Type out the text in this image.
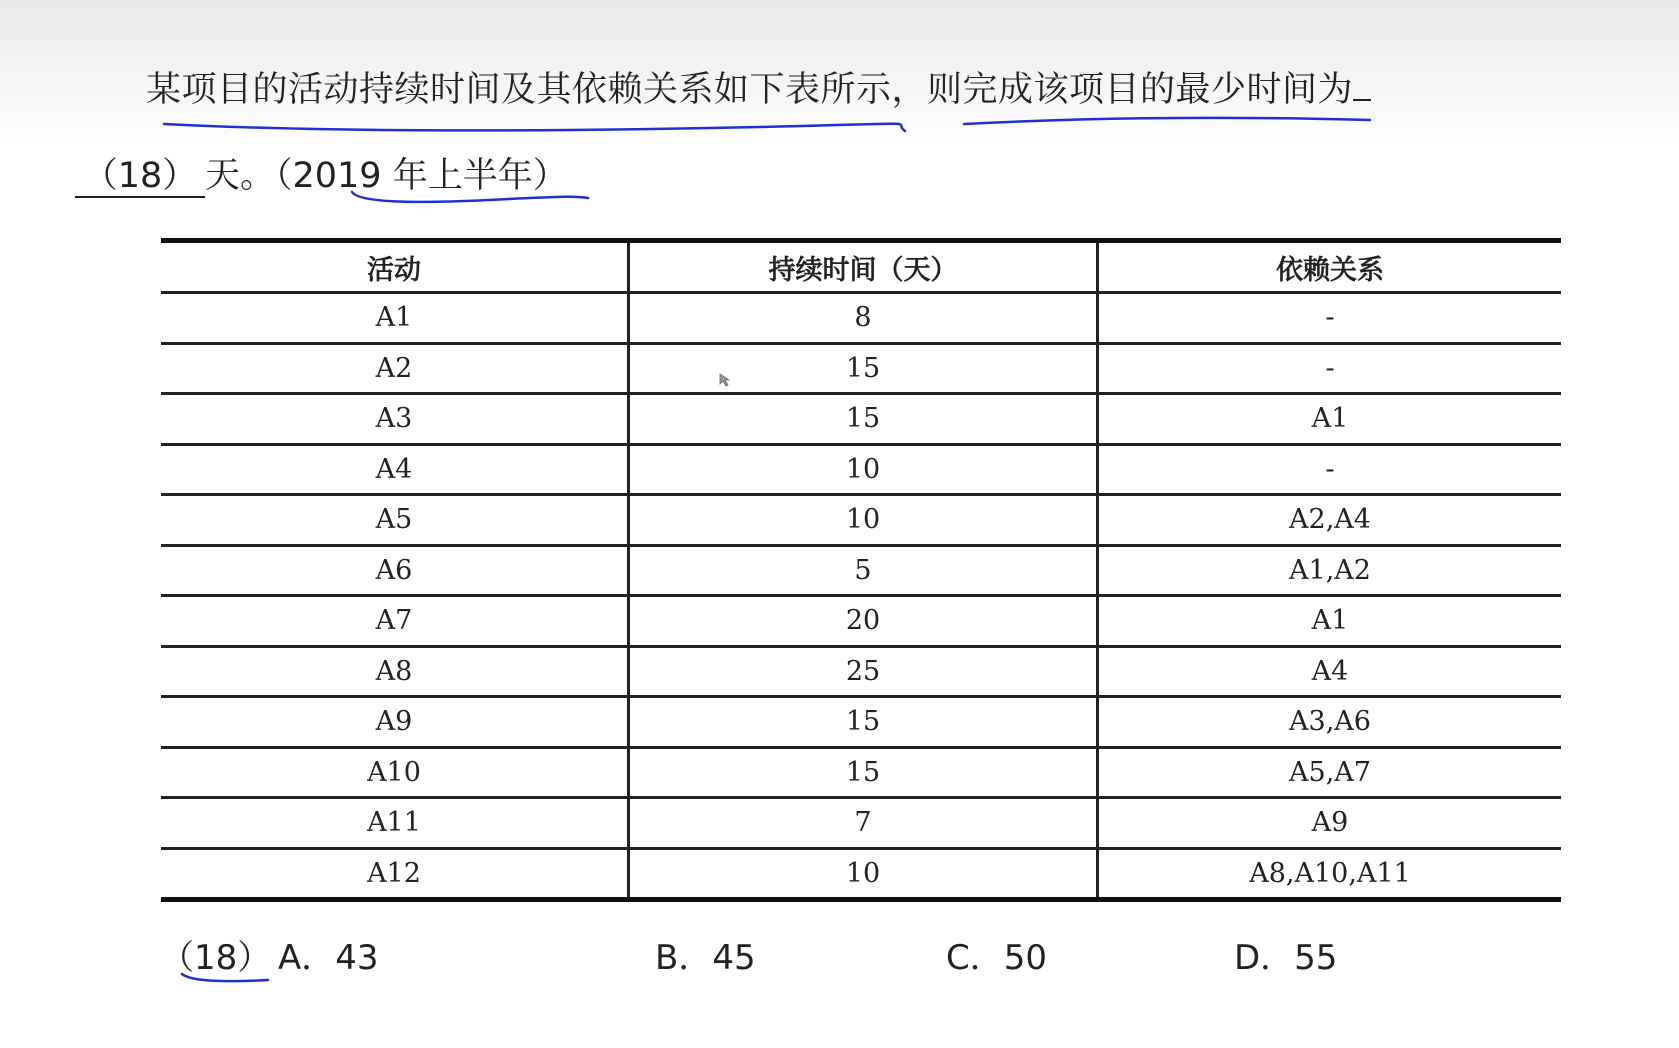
某项目的活动持续时间及其依赖关系如下表所示，则完成该项目的最少时间为
（18） 天。（2019 年上半年）
活动	持续时间（天）	依赖关系
A1	8	-
A2	15	-
A3	15	A1
A4	10	-
A5	10	A2,A4
A6	5	A1,A2
A7	20	A1
A8	25	A4
A9	15	A3,A6
A10	15	A5,A7
A11	7	A9
A12	10	A8,A10,A11
（18） A．43	B．45	C．50	D．55
